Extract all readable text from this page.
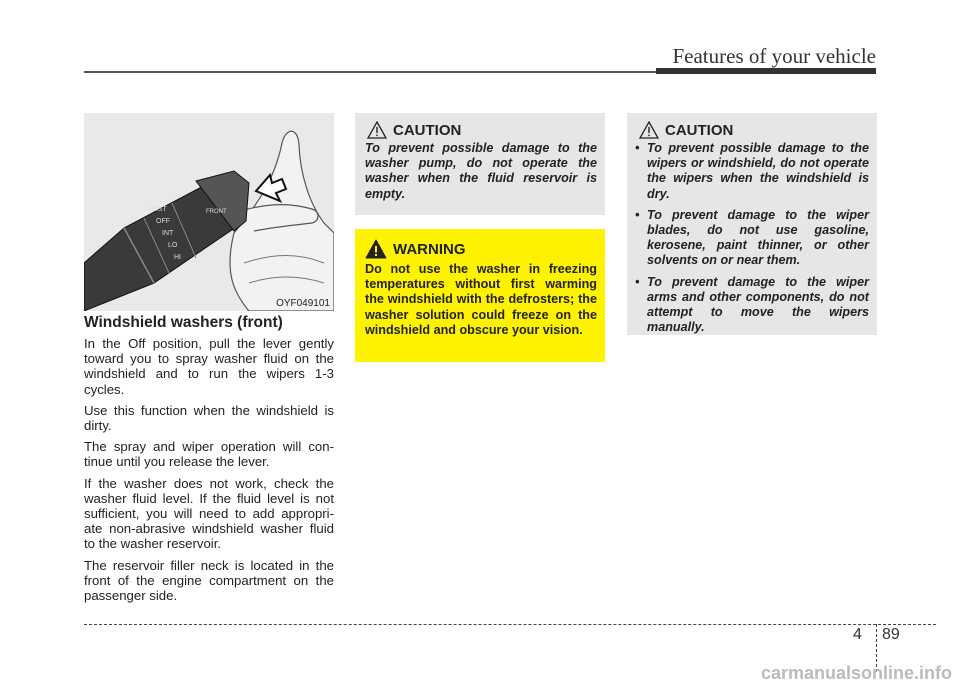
Features of your vehicle
MIST
OFF
INT
LO
HI
FRONT
OYF049101
Windshield washers (front)

In the Off position, pull the lever gently toward you to spray washer fluid on the windshield and to run the wipers 1-3 cycles.

Use this function when the windshield is dirty.

The spray and wiper operation will con-tinue until you release the lever.

If the washer does not work, check the washer fluid level. If the fluid level is not sufficient, you will need to add appropri-ate non-abrasive windshield washer fluid to the washer reservoir.

The reservoir filler neck is located in the front of the engine compartment on the passenger side.

CAUTION
To prevent possible damage to the washer pump, do not operate the washer when the fluid reservoir is empty.
WARNING
Do not use the washer in freezing temperatures without first warming the windshield with the defrosters; the washer solution could freeze on the windshield and obscure your vision.
CAUTION
• To prevent possible damage to the wipers or windshield, do not operate the wipers when the windshield is dry.
• To prevent damage to the wiper blades, do not use gasoline, kerosene, paint thinner, or other solvents on or near them.
• To prevent damage to the wiper arms and other components, do not attempt to move the wipers manually.
4 89
carmanualsonline.info
